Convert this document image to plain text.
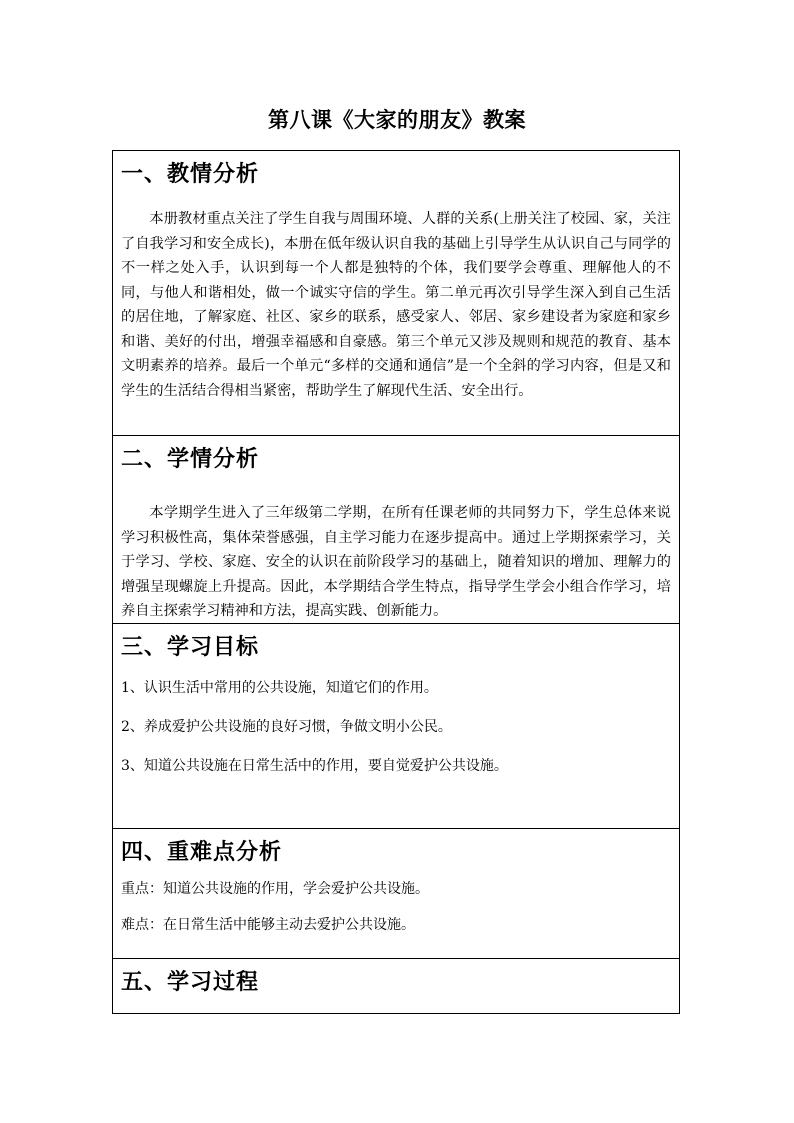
第八课《大家的朋友》教案
一、教情分析

本册教材重点关注了学生自我与周围环境、人群的关系(上册关注了校园、家，关注了自我学习和安全成长)，本册在低年级认识自我的基础上引导学生从认识自己与同学的不一样之处入手，认识到每一个人都是独特的个体，我们要学会尊重、理解他人的不同，与他人和谐相处，做一个诚实守信的学生。第二单元再次引导学生深入到自己生活的居住地，了解家庭、社区、家乡的联系，感受家人、邻居、家乡建设者为家庭和家乡和谐、美好的付出，增强幸福感和自豪感。第三个单元又涉及规则和规范的教育、基本文明素养的培养。最后一个单元“多样的交通和通信”是一个全斜的学习内容，但是又和学生的生活结合得相当紧密，帮助学生了解现代生活、安全出行。

二、学情分析

本学期学生进入了三年级第二学期，在所有任课老师的共同努力下，学生总体来说学习积极性高，集体荣誉感强，自主学习能力在逐步提高中。通过上学期探索学习，关于学习、学校、家庭、安全的认识在前阶段学习的基础上，随着知识的增加、理解力的增强呈现螺旋上升提高。因此，本学期结合学生特点，指导学生学会小组合作学习，培养自主探索学习精神和方法，提高实践、创新能力。

三、学习目标

1、认识生活中常用的公共设施，知道它们的作用。

2、养成爱护公共设施的良好习惯，争做文明小公民。

3、知道公共设施在日常生活中的作用，要自觉爱护公共设施。

四、重难点分析

重点：知道公共设施的作用，学会爱护公共设施。

难点：在日常生活中能够主动去爱护公共设施。

五、学习过程
